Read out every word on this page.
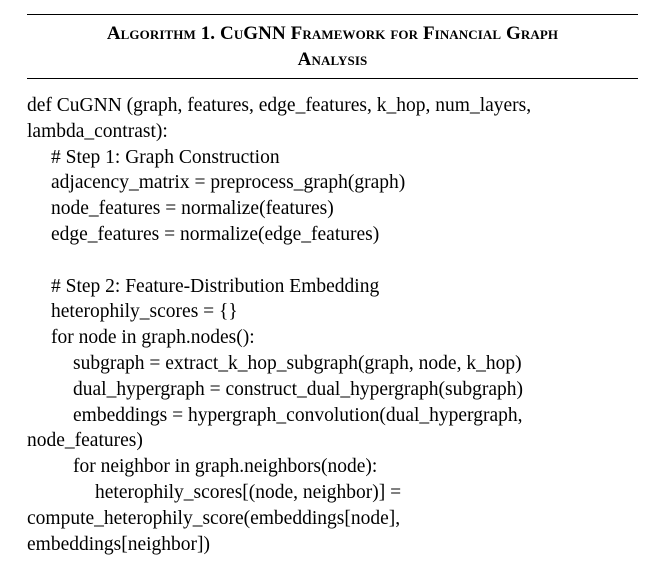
Algorithm 1. CuGNN Framework for Financial Graph
Analysis
def CuGNN (graph, features, edge_features, k_hop, num_layers,
lambda_contrast):
# Step 1: Graph Construction
adjacency_matrix = preprocess_graph(graph)
node_features = normalize(features)
edge_features = normalize(edge_features)
# Step 2: Feature-Distribution Embedding
heterophily_scores = {}
for node in graph.nodes():
subgraph = extract_k_hop_subgraph(graph, node, k_hop)
dual_hypergraph = construct_dual_hypergraph(subgraph)
embeddings = hypergraph_convolution(dual_hypergraph,
node_features)
for neighbor in graph.neighbors(node):
heterophily_scores[(node, neighbor)] =
compute_heterophily_score(embeddings[node],
embeddings[neighbor])
